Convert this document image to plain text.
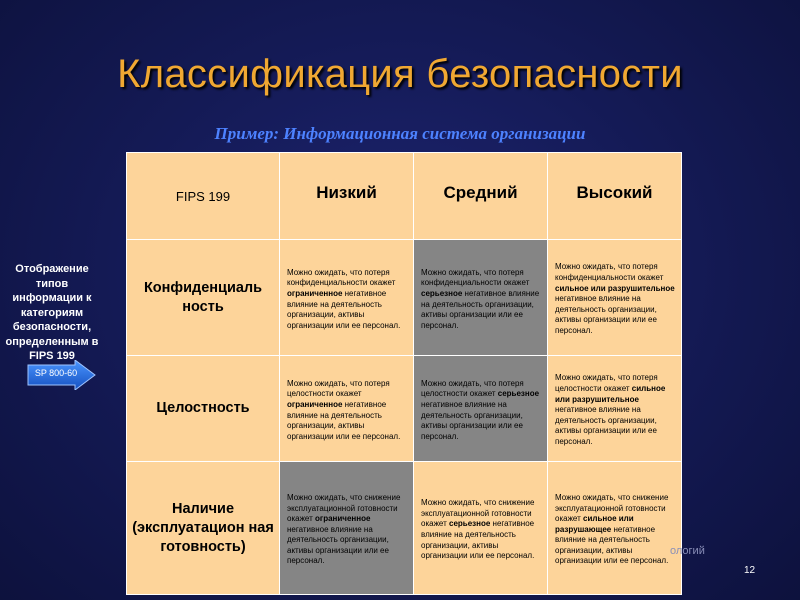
Классификация безопасности
Пример: Информационная система организации
Отображение типов информации к категориям безопасности, определенным в FIPS 199
SP 800-60
FIPS 199	Низкий	Средний	Высокий

Конфиденциаль ность	Можно ожидать, что потеря конфиденциальности окажет ограниченное негативное влияние на деятельность организации, активы организации или ее персонал.	Можно ожидать, что потеря конфиденциальности окажет серьезное негативное влияние на деятельность организации, активы организации или ее персонал.	Можно ожидать, что потеря конфиденциальности окажет сильное или разрушительное негативное влияние на деятельность организации, активы организации или ее персонал.

Целостность	Можно ожидать, что потеря целостности окажет ограниченное негативное влияние на деятельность организации, активы организации или ее персонал.	Можно ожидать, что потеря целостности окажет серьезное негативное влияние на деятельность организации, активы организации или ее персонал.	Можно ожидать, что потеря целостности окажет сильное или разрушительное негативное влияние на деятельность организации, активы организации или ее персонал.

Наличие (эксплуатацион ная готовность)	Можно ожидать, что снижение эксплуатационной готовности окажет ограниченное негативное влияние на деятельность организации, активы организации или ее персонал.	Можно ожидать, что снижение эксплуатационной готовности окажет серьезное негативное влияние на деятельность организации, активы организации или ее персонал.	Можно ожидать, что снижение эксплуатационной готовности окажет сильное или разрушающее негативное влияние на деятельность организации, активы организации или ее персонал.
ологий
12
